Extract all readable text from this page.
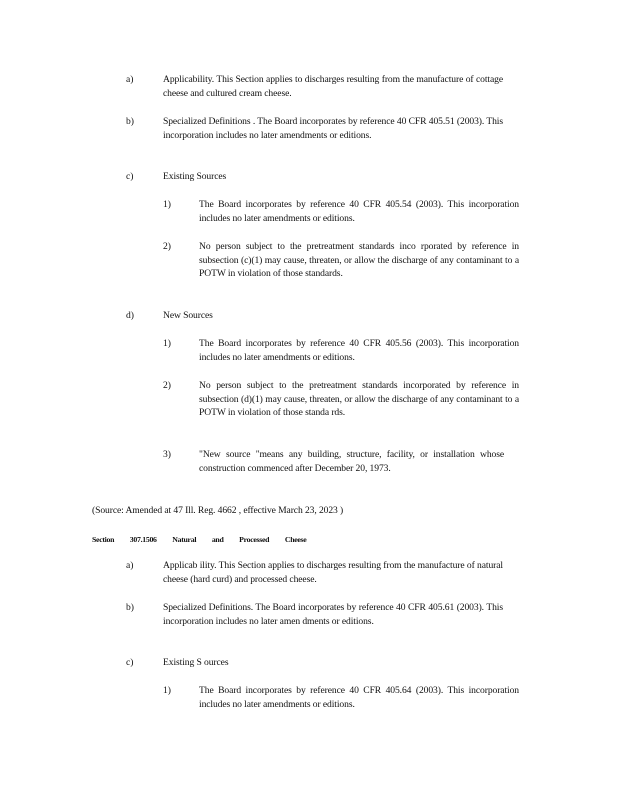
a)	Applicability. This Section applies to discharges resulting from the manufacture of cottage cheese and cultured cream cheese.
b)	Specialized Definitions . The Board incorporates by reference 40 CFR 405.51 (2003). This incorporation includes no later amendments or editions.
c)	Existing Sources
1)	The Board incorporates by reference 40 CFR 405.54 (2003). This incorporation includes no later amendments or editions.
2)	No person subject to the pretreatment standards inco rporated by reference in subsection (c)(1) may cause, threaten, or allow the discharge of any contaminant to a POTW in violation of those standards.
d)	New Sources
1)	The Board incorporates by reference 40 CFR 405.56 (2003). This incorporation includes no later amendments or editions.
2)	No person subject to the pretreatment standards incorporated by reference in subsection (d)(1) may cause, threaten, or allow the discharge of any contaminant to a POTW in violation of those standa rds.
3)	"New source "means any building, structure, facility, or installation whose construction commenced after December 20, 1973.
(Source: Amended at 47 Ill. Reg. 4662 , effective March 23, 2023 )
Section 307.1506 Natural and Processed Cheese
a)	Applicab ility. This Section applies to discharges resulting from the manufacture of natural cheese (hard curd) and processed cheese.
b)	Specialized Definitions. The Board incorporates by reference 40 CFR 405.61 (2003). This incorporation includes no later amen dments or editions.
c)	Existing S ources
1)	The Board incorporates by reference 40 CFR 405.64 (2003). This incorporation includes no later amendments or editions.
